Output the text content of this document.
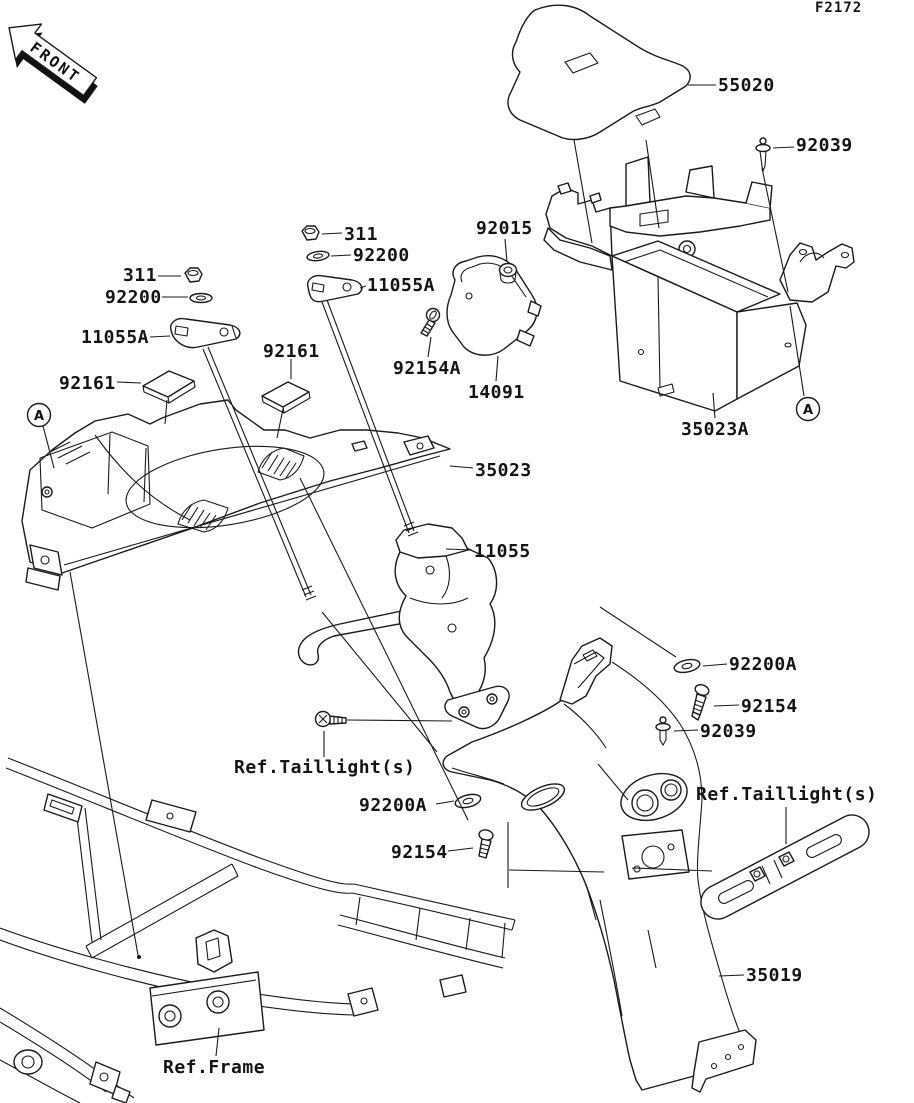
A	A
FRONT
F2172
55020
92039
311
92200
11055A
311
92200
11055A
92161
92161
92015
92154A
14091
35023A
35023
11055
92200A
92154
92039
Ref.Taillight(s)
92200A
92154
Ref.Taillight(s)
35019
Ref.Frame
